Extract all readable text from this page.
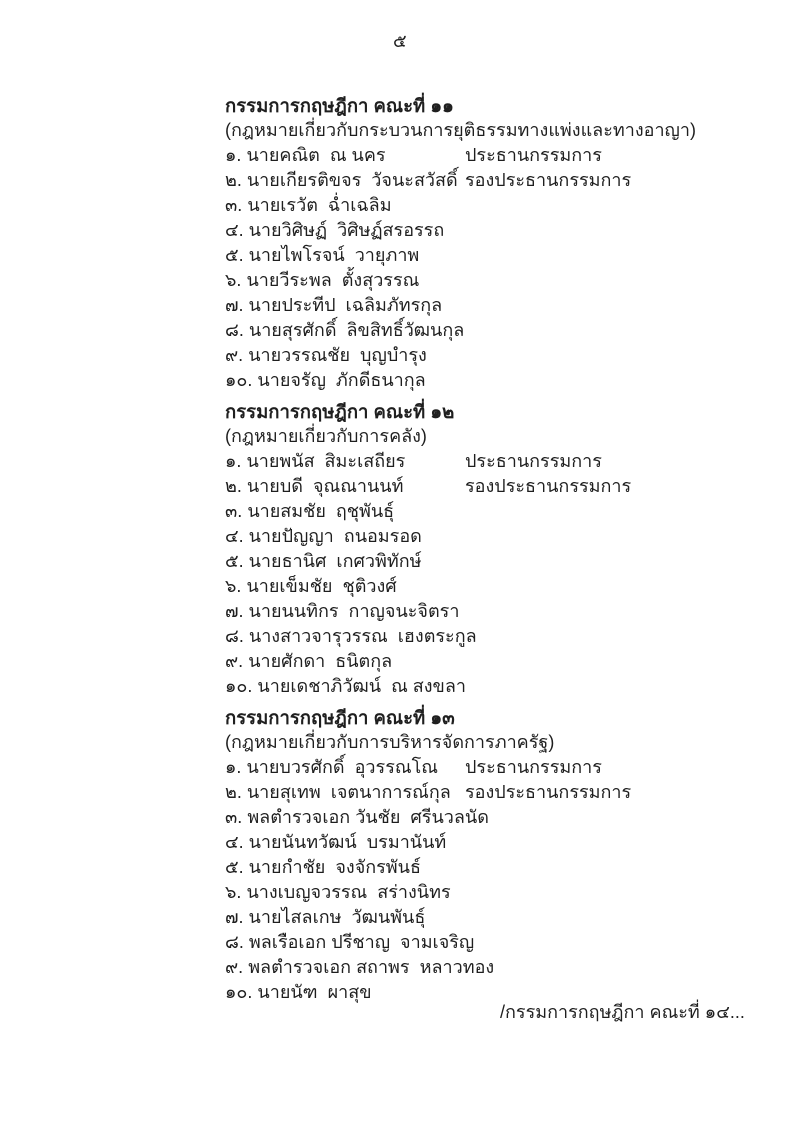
๕
กรรมการกฤษฎีกา คณะที่ ๑๑
(กฎหมายเกี่ยวกับกระบวนการยุติธรรมทางแพ่งและทางอาญา)
๑. นายคณิต  ณ นคร	ประธานกรรมการ
๒. นายเกียรติขจร  วัจนะสวัสดิ์ รองประธานกรรมการ
๓. นายเรวัต  ฉ่ำเฉลิม
๔. นายวิศิษฏ์  วิศิษฏ์สรอรรถ
๕. นายไพโรจน์  วายุภาพ
๖. นายวีระพล  ตั้งสุวรรณ
๗. นายประทีป  เฉลิมภัทรกุล
๘. นายสุรศักดิ์  ลิขสิทธิ์วัฒนกุล
๙. นายวรรณชัย  บุญบำรุง
๑๐. นายจรัญ  ภักดีธนากุล
กรรมการกฤษฎีกา คณะที่ ๑๒
(กฎหมายเกี่ยวกับการคลัง)
๑. นายพนัส  สิมะเสถียร	ประธานกรรมการ
๒. นายบดี  จุณณานนท์	รองประธานกรรมการ
๓. นายสมชัย  ฤชุพันธุ์
๔. นายปัญญา  ถนอมรอด
๕. นายธานิศ  เกศวพิทักษ์
๖. นายเข็มชัย  ชุติวงศ์
๗. นายนนทิกร  กาญจนะจิตรา
๘. นางสาวจารุวรรณ  เฮงตระกูล
๙. นายศักดา  ธนิตกุล
๑๐. นายเดชาภิวัฒน์  ณ สงขลา
กรรมการกฤษฎีกา คณะที่ ๑๓
(กฎหมายเกี่ยวกับการบริหารจัดการภาครัฐ)
๑. นายบวรศักดิ์  อุวรรณโณ ประธานกรรมการ
๒. นายสุเทพ  เจตนาการณ์กุล รองประธานกรรมการ
๓. พลตำรวจเอก วันชัย  ศรีนวลนัด
๔. นายนันทวัฒน์  บรมานันท์
๕. นายกำชัย  จงจักรพันธ์
๖. นางเบญจวรรณ  สร่างนิทร
๗. นายไสลเกษ  วัฒนพันธุ์
๘. พลเรือเอก ปรีชาญ  จามเจริญ
๙. พลตำรวจเอก สถาพร  หลาวทอง
๑๐. นายนัฑ  ผาสุข
/กรรมการกฤษฎีกา คณะที่ ๑๔...
